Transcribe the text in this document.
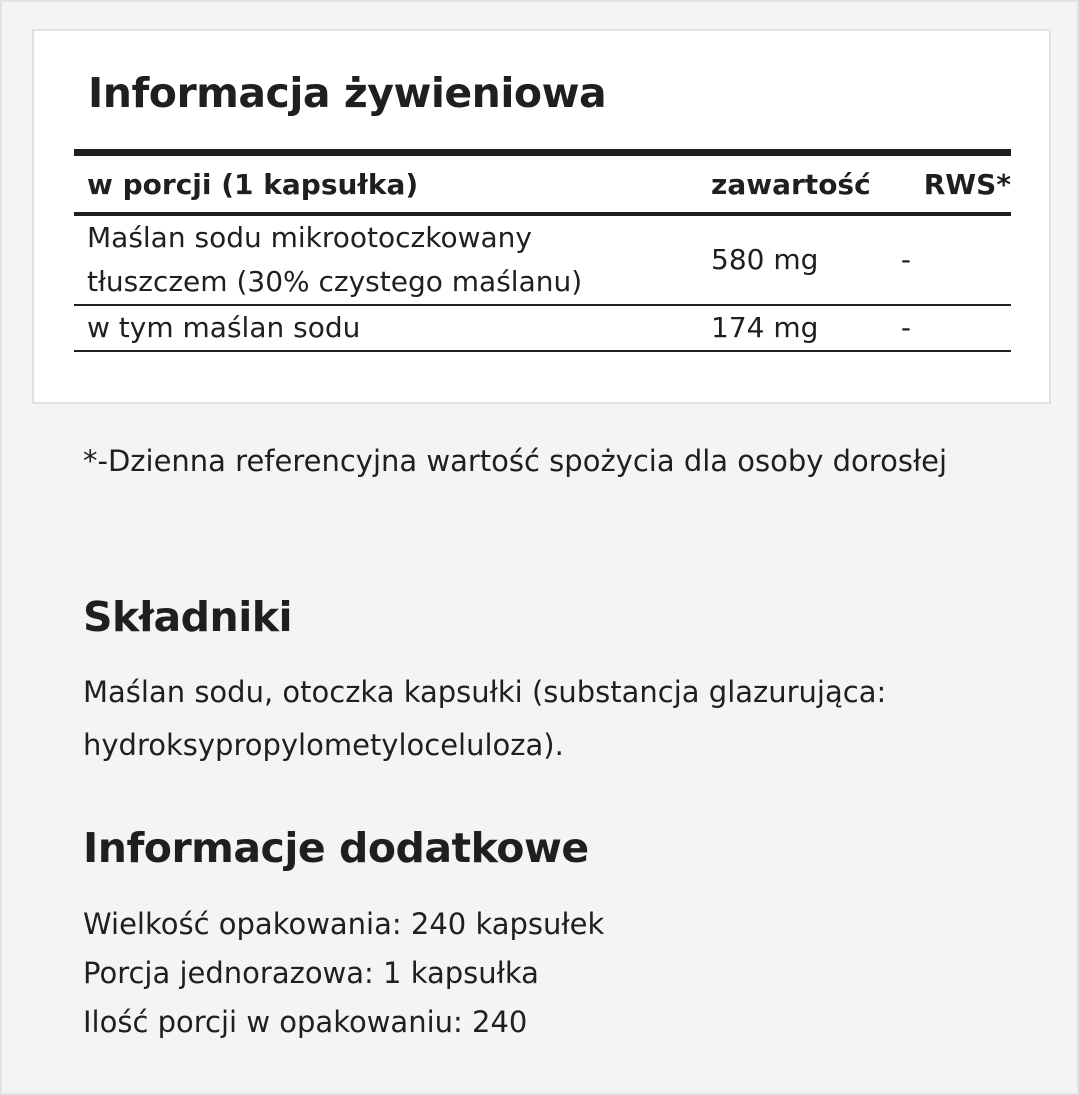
Informacja żywieniowa
w porcji (1 kapsułka)	zawartość	RWS*

Maślan sodu mikrootoczkowany
tłuszczem (30% czystego maślanu)	580 mg	-
w tym maślan sodu	174 mg	-

*-Dzienna referencyjna wartość spożycia dla osoby dorosłej

Składniki

Maślan sodu, otoczka kapsułki (substancja glazurująca: hydroksypropylometyloceluloza).

Informacje dodatkowe
Wielkość opakowania: 240 kapsułek
Porcja jednorazowa: 1 kapsułka
Ilość porcji w opakowaniu: 240
